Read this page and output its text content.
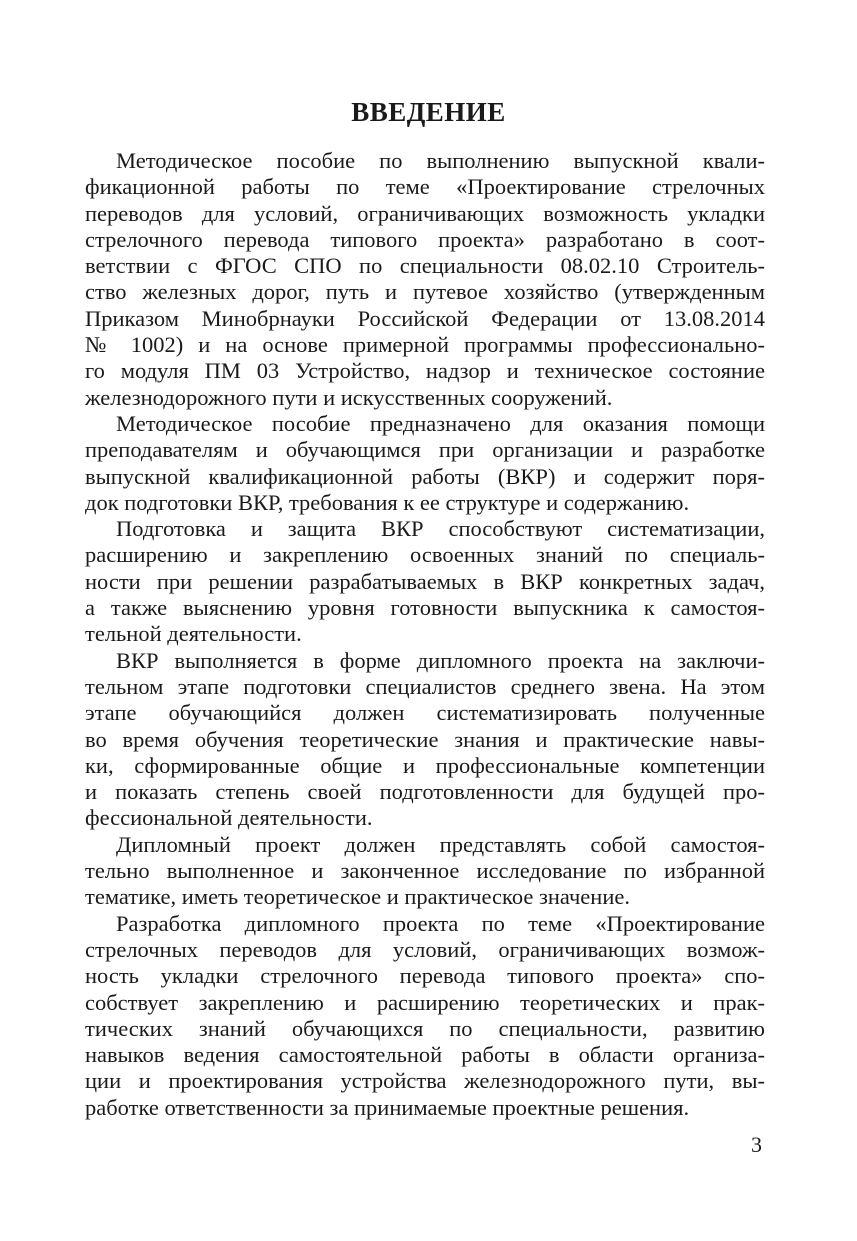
ВВЕДЕНИЕ

Методическое пособие по выполнению выпускной квали-
фикационной работы по теме «Проектирование стрелочных
переводов для условий, ограничивающих возможность укладки
стрелочного перевода типового проекта» разработано в соот-
ветствии с ФГОС СПО по специальности 08.02.10 Строитель-
ство железных дорог, путь и путевое хозяйство (утвержденным
Приказом Минобрнауки Российской Федерации от 13.08.2014
№ 1002) и на основе примерной программы профессионально-
го модуля ПМ 03 Устройство, надзор и техническое состояние
железнодорожного пути и искусственных сооружений.

Методическое пособие предназначено для оказания помощи
преподавателям и обучающимся при организации и разработке
выпускной квалификационной работы (ВКР) и содержит поря-
док подготовки ВКР, требования к ее структуре и содержанию.

Подготовка и защита ВКР способствуют систематизации,
расширению и закреплению освоенных знаний по специаль-
ности при решении разрабатываемых в ВКР конкретных задач,
а также выяснению уровня готовности выпускника к самостоя-
тельной деятельности.

ВКР выполняется в форме дипломного проекта на заключи-
тельном этапе подготовки специалистов среднего звена. На этом
этапе обучающийся должен систематизировать полученные
во время обучения теоретические знания и практические навы-
ки, сформированные общие и профессиональные компетенции
и показать степень своей подготовленности для будущей про-
фессиональной деятельности.

Дипломный проект должен представлять собой самостоя-
тельно выполненное и законченное исследование по избранной
тематике, иметь теоретическое и практическое значение.

Разработка дипломного проекта по теме «Проектирование
стрелочных переводов для условий, ограничивающих возмож-
ность укладки стрелочного перевода типового проекта» спо-
собствует закреплению и расширению теоретических и прак-
тических знаний обучающихся по специальности, развитию
навыков ведения самостоятельной работы в области организа-
ции и проектирования устройства железнодорожного пути, вы-
работке ответственности за принимаемые проектные решения.

3
